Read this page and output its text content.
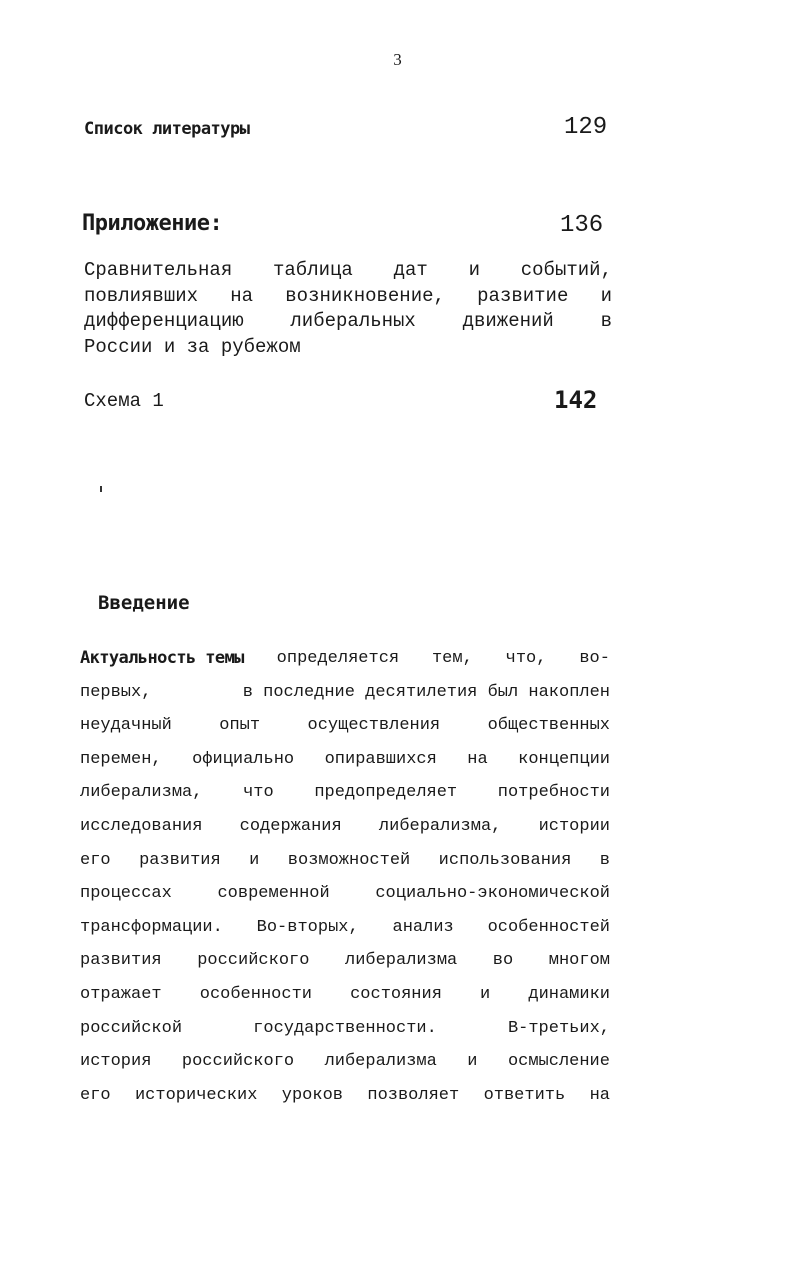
3
Список литературы	129
Приложение:	136
Сравнительная таблица дат и событий,
повлиявших на возникновение, развитие и
дифференциацию либеральных движений в
России и за рубежом
Схема 1	142
Введение
Актуальность темы определяется тем, что, во-
первых,	в последние десятилетия был накоплен
неудачный	опыт	осуществления	общественных
перемен, официально опиравшихся на концепции
либерализма, что предопределяет потребности
исследования содержания либерализма, истории
его развития и возможностей использования в
процессах	современной	социально-экономической
трансформации. Во-вторых, анализ особенностей
развития российского либерализма во многом
отражает особенности состояния и динамики
российской	государственности.	В-третьих,
история российского либерализма и осмысление
его исторических уроков позволяет ответить на
